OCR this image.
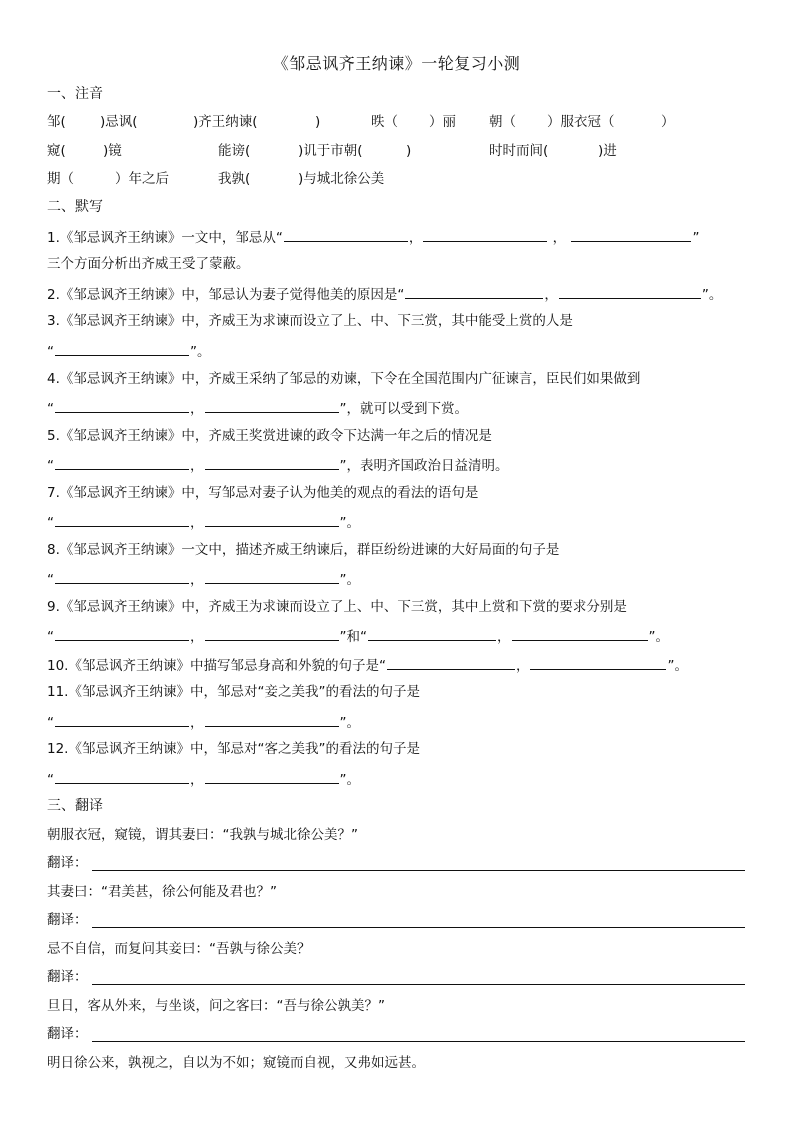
《邹忌讽齐王纳谏》一轮复习小测
一、注音
邹(	)忌讽(	)齐王纳谏(	)	昳（ ）丽 朝（ ）服衣冠（	）
窥(	)镜	能谤(	)讥于市朝(	)	时时而间(	)进
期（	）年之后	我孰(	)与城北徐公美
二、默写
1.《邹忌讽齐王纳谏》一文中，邹忌从“	，	，	”
三个方面分析出齐威王受了蒙蔽。
2.《邹忌讽齐王纳谏》中，邹忌认为妻子觉得他美的原因是“	，	”。
3.《邹忌讽齐王纳谏》中，齐威王为求谏而设立了上、中、下三赏，其中能受上赏的人是
“	”。
4.《邹忌讽齐王纳谏》中，齐威王采纳了邹忌的劝谏，下令在全国范围内广征谏言，臣民们如果做到
“	，	”，就可以受到下赏。
5.《邹忌讽齐王纳谏》中，齐威王奖赏进谏的政令下达满一年之后的情况是
“	，	”，表明齐国政治日益清明。
7.《邹忌讽齐王纳谏》中，写邹忌对妻子认为他美的观点的看法的语句是
“	，	”。
8.《邹忌讽齐王纳谏》一文中，描述齐威王纳谏后，群臣纷纷进谏的大好局面的句子是
“	，	”。
9.《邹忌讽齐王纳谏》中，齐威王为求谏而设立了上、中、下三赏，其中上赏和下赏的要求分别是
“	，	”和“	，	”。
10.《邹忌讽齐王纳谏》中描写邹忌身高和外貌的句子是“	，	”。
11.《邹忌讽齐王纳谏》中，邹忌对“妾之美我”的看法的句子是
“	，	”。
12.《邹忌讽齐王纳谏》中，邹忌对“客之美我”的看法的句子是
“	，	”。
三、翻译
朝服衣冠，窥镜，谓其妻曰：“我孰与城北徐公美？”
翻译：
其妻曰：“君美甚，徐公何能及君也？”
翻译：
忌不自信，而复问其妾曰：“吾孰与徐公美？
翻译：
旦日，客从外来，与坐谈，问之客曰：“吾与徐公孰美？”
翻译：
明日徐公来，孰视之，自以为不如；窥镜而自视，又弗如远甚。
